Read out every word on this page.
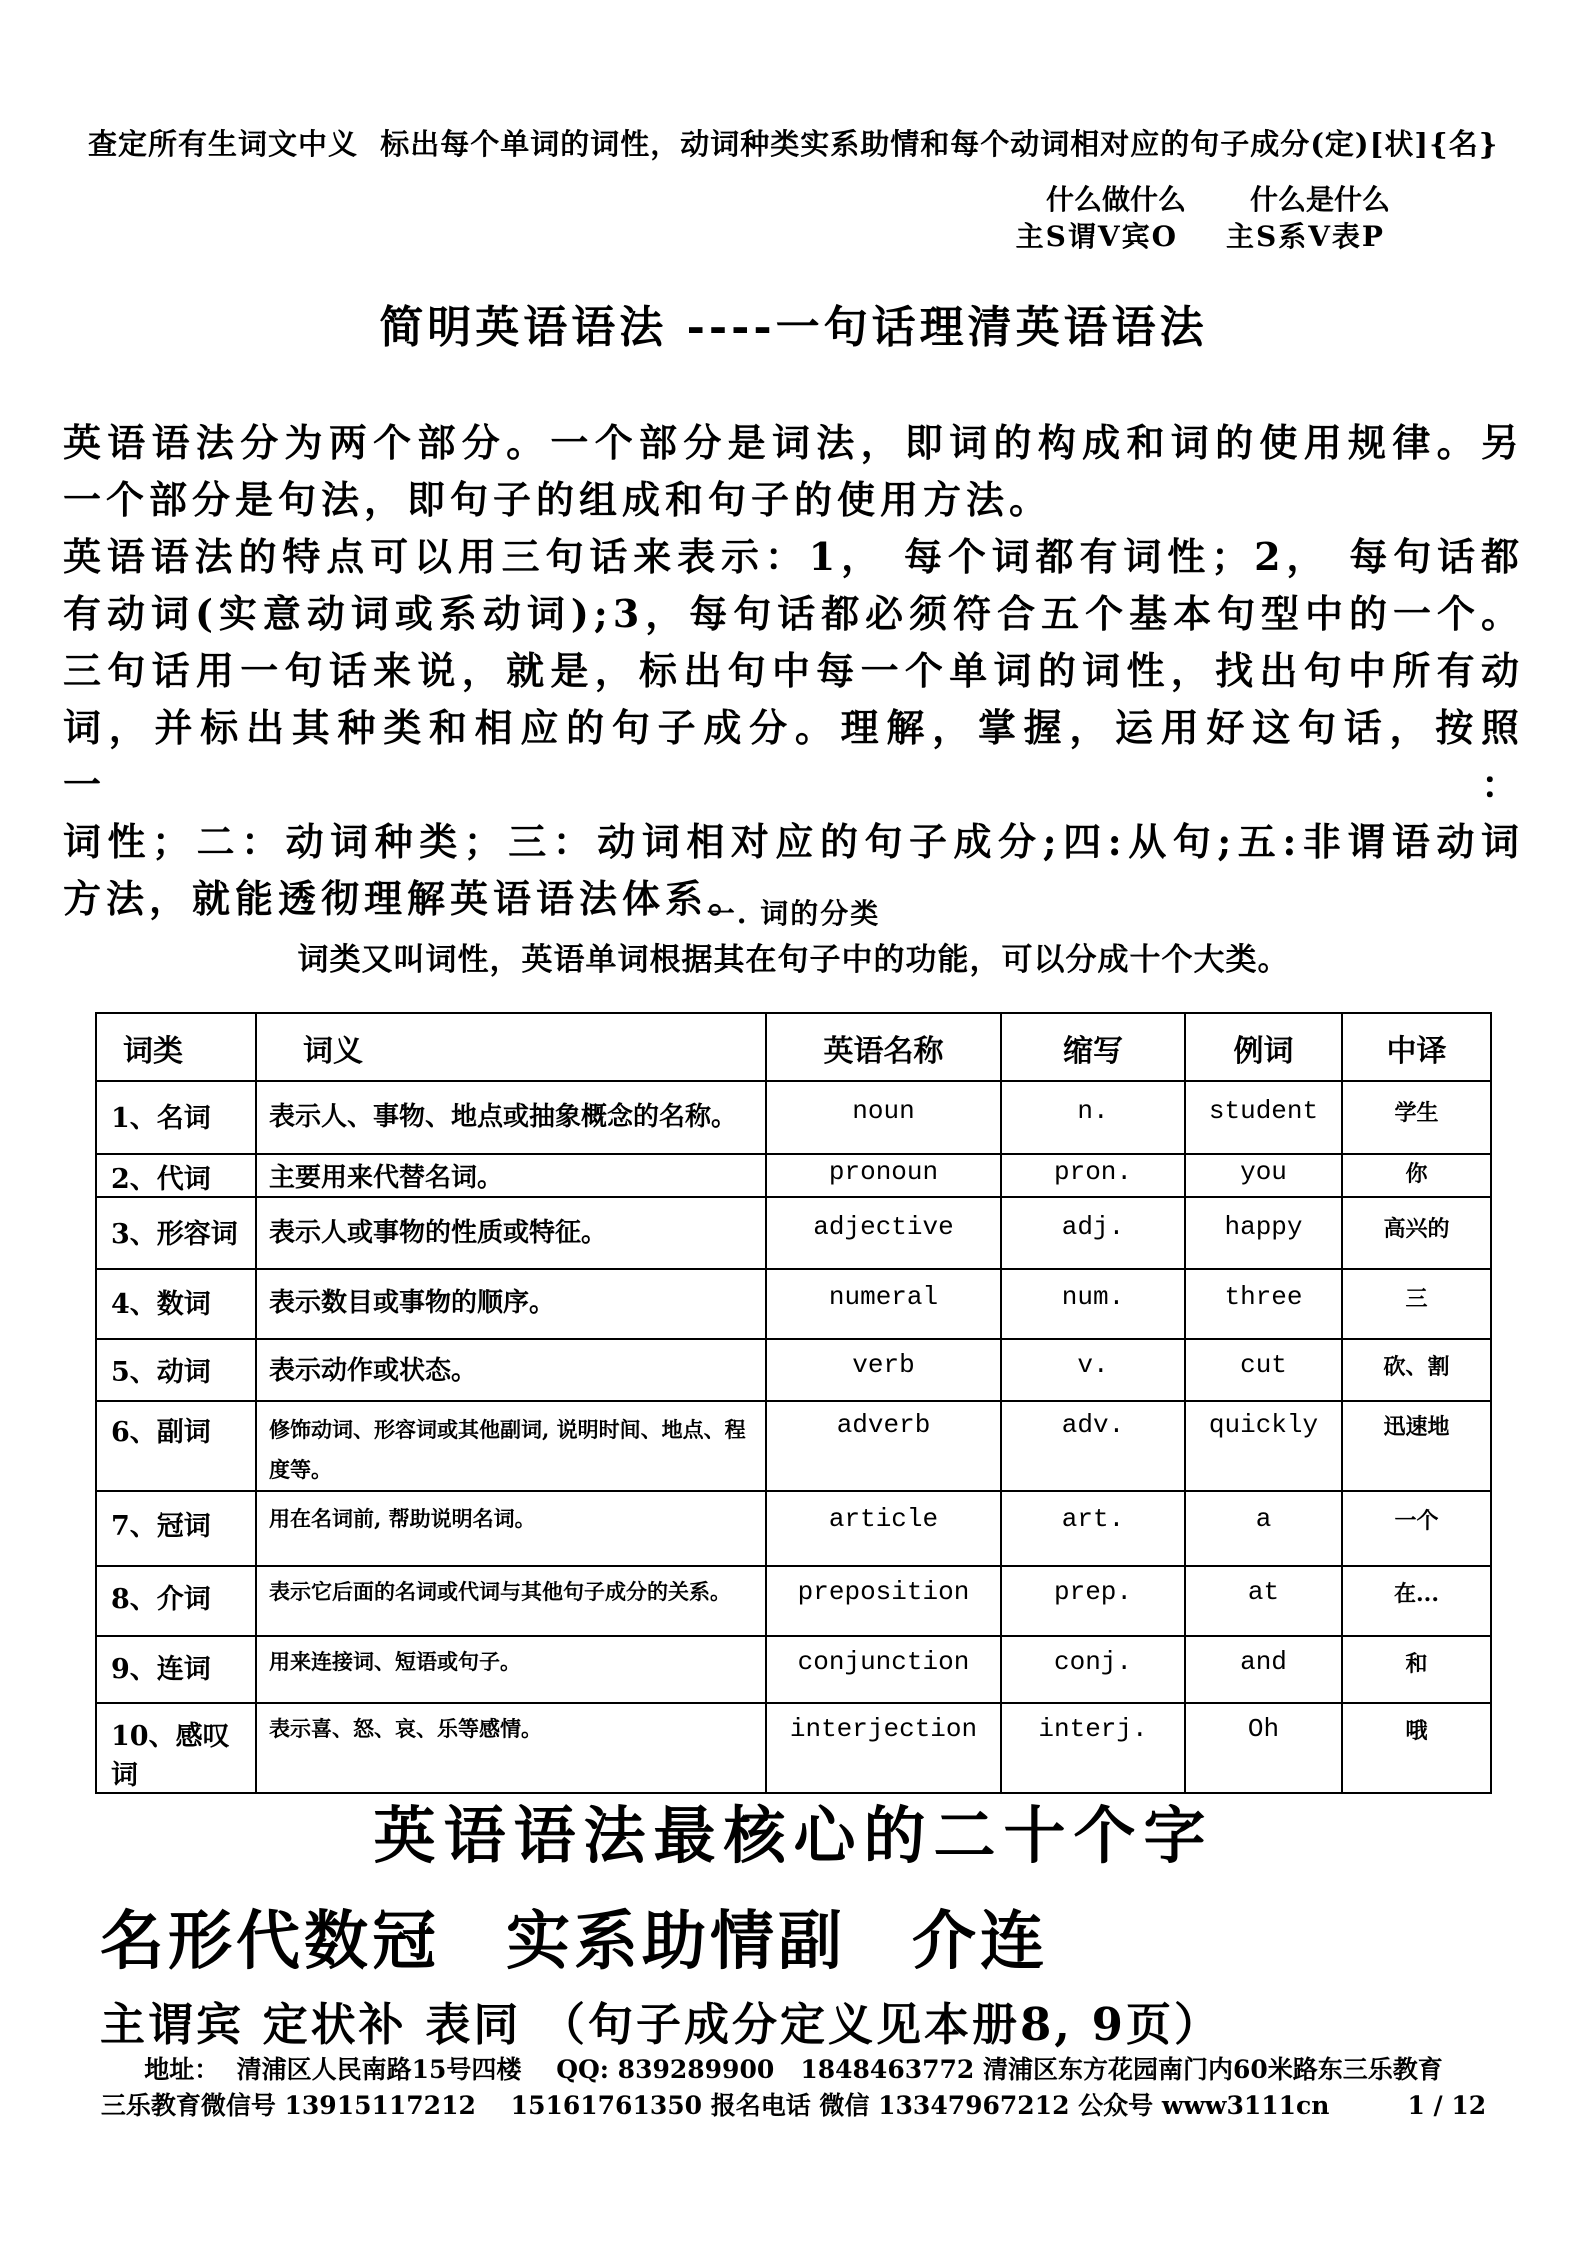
查定所有生词文中义  标出每个单词的词性，动词种类实系助情和每个动词相对应的句子成分(定)[状]{名}
什么做什么 什么是什么
主S谓V宾O 主S系V表P
简明英语语法 ----一句话理清英语语法
英语语法分为两个部分。一个部分是词法，即词的构成和词的使用规律。另
一个部分是句法，即句子的组成和句子的使用方法。
英语语法的特点可以用三句话来表示：1， 每个词都有词性；2， 每句话都
有动词(实意动词或系动词);3，每句话都必须符合五个基本句型中的一个。
三句话用一句话来说，就是，标出句中每一个单词的词性，找出句中所有动
词，并标出其种类和相应的句子成分。理解，掌握，运用好这句话，按照一：
词性；二：动词种类；三：动词相对应的句子成分;四:从句;五:非谓语动词
方法，就能透彻理解英语语法体系。
一. 词的分类
词类又叫词性，英语单词根据其在句子中的功能，可以分成十个大类。
词类	词义	英语名称	缩写	例词	中译
1、名词	表示人、事物、地点或抽象概念的名称。	noun	n.	student	学生
2、代词	主要用来代替名词。	pronoun	pron.	you	你
3、形容词	表示人或事物的性质或特征。	adjective	adj.	happy	高兴的
4、数词	表示数目或事物的顺序。	numeral	num.	three	三
5、动词	表示动作或状态。	verb	v.	cut	砍、割
6、副词	修饰动词、形容词或其他副词, 说明时间、地点、程度等。	adverb	adv.	quickly	迅速地
7、冠词	用在名词前, 帮助说明名词。	article	art.	a	一个
8、介词	表示它后面的名词或代词与其他句子成分的关系。	preposition	prep.	at	在...
9、连词	用来连接词、短语或句子。	conjunction	conj.	and	和
10、感叹词	表示喜、怒、哀、乐等感情。	interjection	interj.	Oh	哦
英语语法最核心的二十个字
名形代数冠 实系助情副 介连
主谓宾 定状补 表同 （句子成分定义见本册8, 9页）
地址：  清浦区人民南路15号四楼    QQ: 839289900   1848463772 清浦区东方花园南门内60米路东三乐教育
三乐教育微信号 13915117212    15161761350 报名电话 微信 13347967212 公众号 www3111cn	1 / 12
